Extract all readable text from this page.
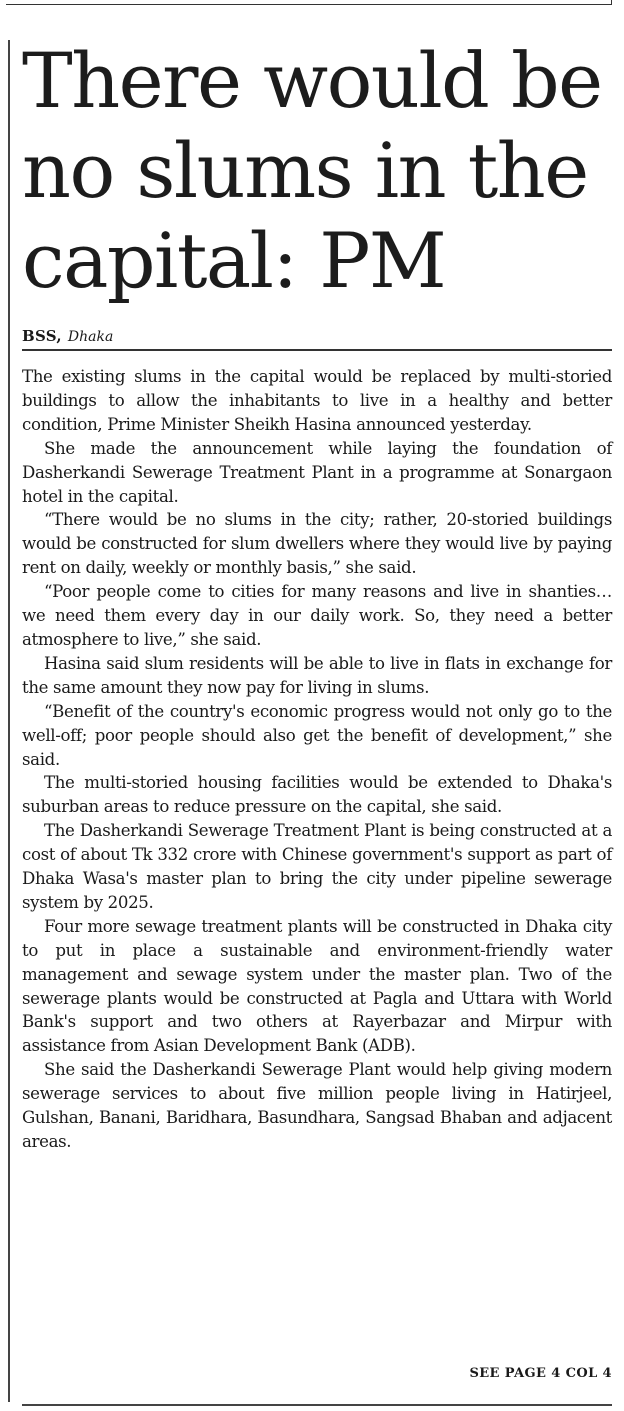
There would be no slums in the capital: PM
BSS, Dhaka

The existing slums in the capital would be replaced by multi-storied buildings to allow the inhabitants to live in a healthy and better condition, Prime Minister Sheikh Hasina announced yesterday.

She made the announcement while laying the foundation of Dasherkandi Sewerage Treatment Plant in a programme at Sonargaon hotel in the capital.

“There would be no slums in the city; rather, 20-storied buildings would be constructed for slum dwellers where they would live by paying rent on daily, weekly or monthly basis,” she said.

“Poor people come to cities for many reasons and live in shanties… we need them every day in our daily work. So, they need a better atmosphere to live,” she said.

Hasina said slum residents will be able to live in flats in exchange for the same amount they now pay for living in slums.

“Benefit of the country's economic progress would not only go to the well-off; poor people should also get the benefit of development,” she said.

The multi-storied housing facilities would be extended to Dhaka's suburban areas to reduce pressure on the capital, she said.

The Dasherkandi Sewerage Treatment Plant is being constructed at a cost of about Tk 332 crore with Chinese government's support as part of Dhaka Wasa's master plan to bring the city under pipeline sewerage system by 2025.

Four more sewage treatment plants will be constructed in Dhaka city to put in place a sustainable and environment-friendly water management and sewage system under the master plan. Two of the sewerage plants would be constructed at Pagla and Uttara with World Bank's support and two others at Rayerbazar and Mirpur with assistance from Asian Development Bank (ADB).

She said the Dasherkandi Sewerage Plant would help giving modern sewerage services to about five million people living in Hatirjeel, Gulshan, Banani, Baridhara, Basundhara, Sangsad Bhaban and adjacent areas.

SEE PAGE 4 COL 4
